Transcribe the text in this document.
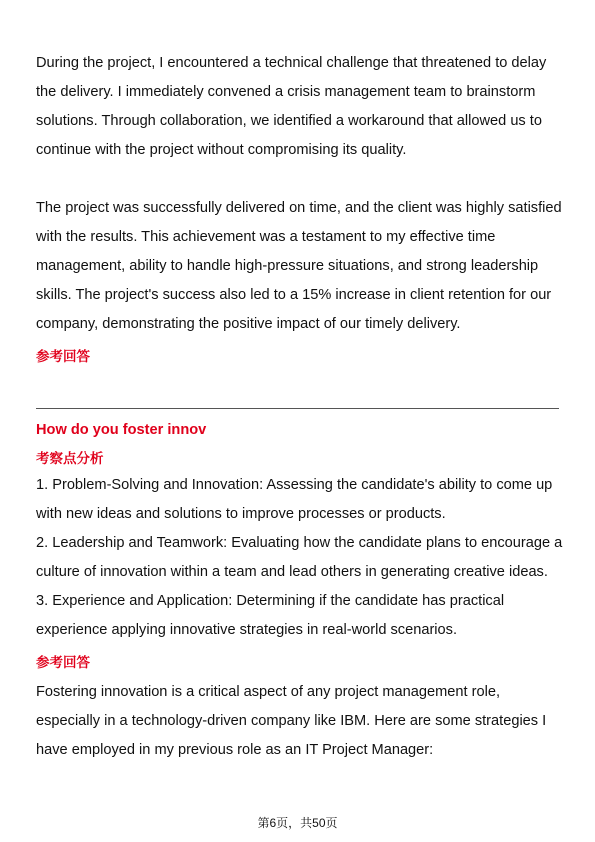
During the project, I encountered a technical challenge that threatened to delay
the delivery. I immediately convened a crisis management team to brainstorm
solutions. Through collaboration, we identified a workaround that allowed us to
continue with the project without compromising its quality.
The project was successfully delivered on time, and the client was highly satisfied
with the results. This achievement was a testament to my effective time
management, ability to handle high-pressure situations, and strong leadership
skills. The project's success also led to a 15% increase in client retention for our
company, demonstrating the positive impact of our timely delivery.
参考回答
How do you foster innov
考察点分析
1. Problem-Solving and Innovation: Assessing the candidate's ability to come up
with new ideas and solutions to improve processes or products.
2. Leadership and Teamwork: Evaluating how the candidate plans to encourage a
culture of innovation within a team and lead others in generating creative ideas.
3. Experience and Application: Determining if the candidate has practical
experience applying innovative strategies in real-world scenarios.
参考回答
Fostering innovation is a critical aspect of any project management role,
especially in a technology-driven company like IBM. Here are some strategies I
have employed in my previous role as an IT Project Manager:
第6页，共50页
